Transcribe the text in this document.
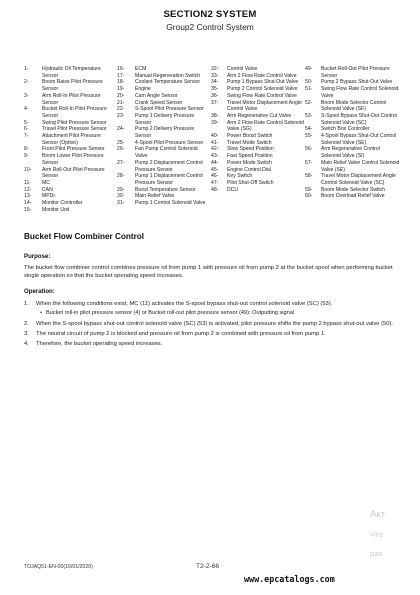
SECTION2 SYSTEM
Group2 Control System
1-	Hydraulic Oil Temperature Sensor
2-	Boom Raise Pilot Pressure Sensor
3-	Arm Roll-In Pilot Pressure Sensor
4-	Bucket Roll-In Pilot Pressure Sensor
5-	Swing Pilot Pressure Sensor
6-	Travel Pilot Pressure Sensor
7-	Attachment Pilot Pressure Sensor (Option)
8-	Front Pilot Pressure Sensor
9-	Boom Lower Pilot Pressure Sensor
10-	Arm Roll-Out Pilot Pressure Sensor
11-	MC
12-	CAN
13-	MPDr.
14-	Monitor Controller
15-	Monitor Unit
16-	ECM
17-	Manual Regeneration Switch
18-	Coolant Temperature Sensor
19-	Engine
20-	Cam Angle Sensor
21-	Crank Speed Sensor
22-	S-Spool Pilot Pressure Sensor
23-	Pump 1 Delivery Pressure Sensor
24-	Pump 2 Delivery Pressure Sensor
25-	4-Spool Pilot Pressure Sensor
26-	Fan Pump Control Solenoid Valve
27-	Pump 2 Displacement Control Pressure Sensor
28-	Pump 1 Displacement Control Pressure Sensor
29-	Boost Temperature Sensor
30-	Main Relief Valve
31-	Pump 1 Control Solenoid Valve
32-	Control Valve
33-	Arm 2 Flow Rate Control Valve
34-	Pump 1 Bypass Shut-Out Valve
35-	Pump 2 Control Solenoid Valve
36-	Swing Flow Rate Control Valve
37-	Travel Motor Displacement Angle Control Valve
38-	Arm Regenerative Cut Valve
39-	Arm 2 Flow Rate Control Solenoid Valve (SG)
40-	Power Boost Switch
41-	Travel Mode Switch
42-	Slow Speed Position
43-	Fast Speed Position
44-	Power Mode Switch
45-	Engine Control Dial
46-	Key Switch
47-	Pilot Shut-Off Switch
48-	DCU
49-	Bucket Roll-Out Pilot Pressure Sensor
50-	Pump 2 Bypass Shut-Out Valve
51-	Swing Flow Rate Control Solenoid Valve
52-	Boom Mode Selector Control Solenoid Valve (SF)
53-	S-Spool Bypass Shut-Out Control Solenoid Valve (SC)
54-	Switch Box Controller
55-	4-Spool Bypass Shut-Out Control Solenoid Valve (SE)
56-	Arm Regenerative Control Solenoid Valve (SI)
57-	Main Relief Valve Control Solenoid Valve (SE)
58-	Travel Motor Displacement Angle Control Solenoid Valve (SC)
59-	Boom Mode Selector Switch
60-	Boom Overload Relief Valve
Bucket Flow Combiner Control
Purpose:
The bucket flow combiner control combines pressure oil from pump 1 with pressure oil from pump 2 at the bucket spool when performing bucket single operation so that the bucket operating speed increases.
Operation:
1.	When the following conditions exist, MC (11) activates the S-spool bypass shut-out control solenoid valve (SC) (53).
• Bucket roll-in pilot pressure sensor (4) or Bucket roll-out pilot pressure sensor (49): Outputting signal
2.	When the S-spool bypass shut-out control solenoid valve (SC) (53) is activated, pilot pressure shifts the pump 2 bypass shut-out valve (50).
3.	The neutral circuit of pump 2 is blocked and pressure oil from pump 2 is combined with pressure oil from pump 1.
4.	Therefore, the bucket operating speed increases.
TOJAQ51-EN-00(16/01/2020)	T2-2-66
www.epcatalogs.com
Акт
Что
раз
